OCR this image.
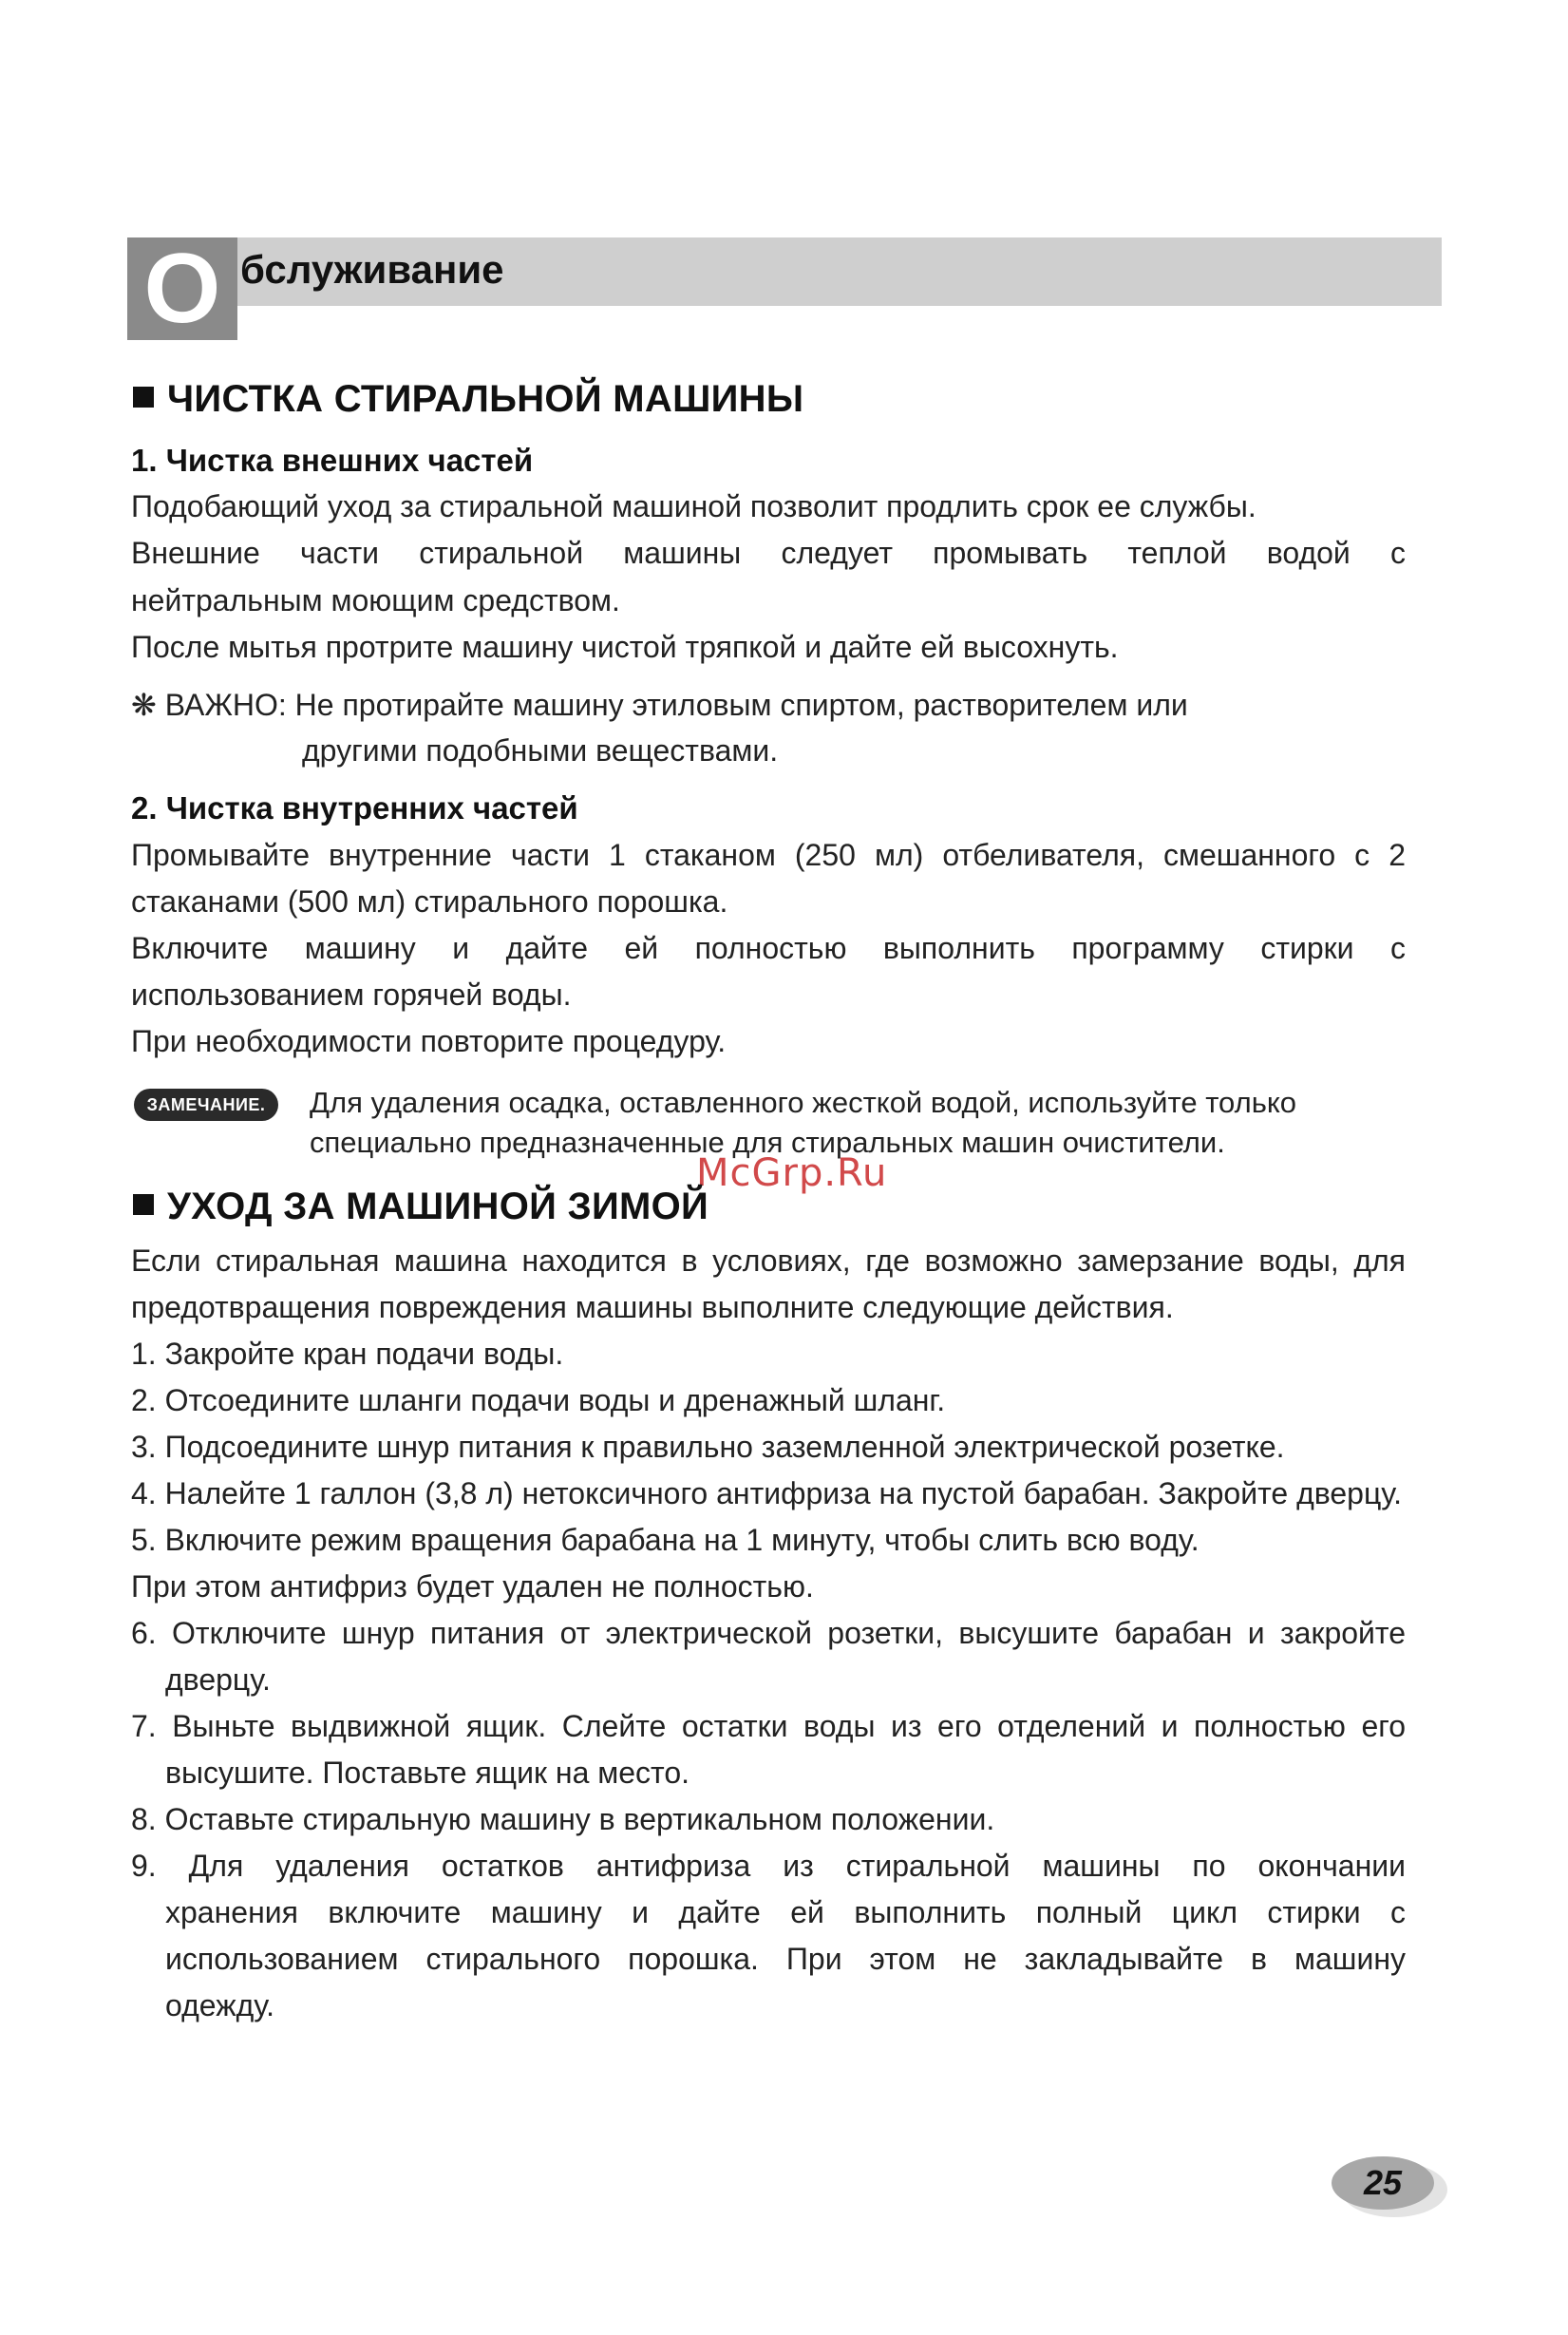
О бслуживание
ЧИСТКА СТИРАЛЬНОЙ МАШИНЫ
1. Чистка внешних частей
Подобающий уход за стиральной машиной позволит продлить срок ее службы.
Внешние части стиральной машины следует промывать теплой водой с
нейтральным моющим средством.
После мытья протрите машину чистой тряпкой и дайте ей высохнуть.
❋ ВАЖНО: Не протирайте машину этиловым спиртом, растворителем или
другими подобными веществами.
2. Чистка внутренних частей
Промывайте внутренние части 1 стаканом (250 мл) отбеливателя, смешанного с 2
стаканами (500 мл) стирального порошка.
Включите машину и дайте ей полностью выполнить программу стирки с
использованием горячей воды.
При необходимости повторите процедуру.
ЗАМЕЧАНИЕ.	Для удаления осадка, оставленного жесткой водой, используйте только
специально предназначенные для стиральных машин очистители.
McGrp.Ru
УХОД ЗА МАШИНОЙ ЗИМОЙ
Если стиральная машина находится в условиях, где возможно замерзание воды, для
предотвращения повреждения машины выполните следующие действия.
1. Закройте кран подачи воды.
2. Отсоедините шланги подачи воды и дренажный шланг.
3. Подсоедините шнур питания к правильно заземленной электрической розетке.
4. Налейте 1 галлон (3,8 л) нетоксичного антифриза на пустой барабан. Закройте дверцу.
5. Включите режим вращения барабана на 1 минуту, чтобы слить всю воду.
При этом антифриз будет удален не полностью.
6. Отключите шнур питания от электрической розетки, высушите барабан и закройте
дверцу.
7. Выньте выдвижной ящик. Слейте остатки воды из его отделений и полностью его
высушите. Поставьте ящик на место.
8. Оставьте стиральную машину в вертикальном положении.
9. Для удаления остатков антифриза из стиральной машины по окончании
хранения включите машину и дайте ей выполнить полный цикл стирки с
использованием стирального порошка. При этом не закладывайте в машину
одежду.
25
